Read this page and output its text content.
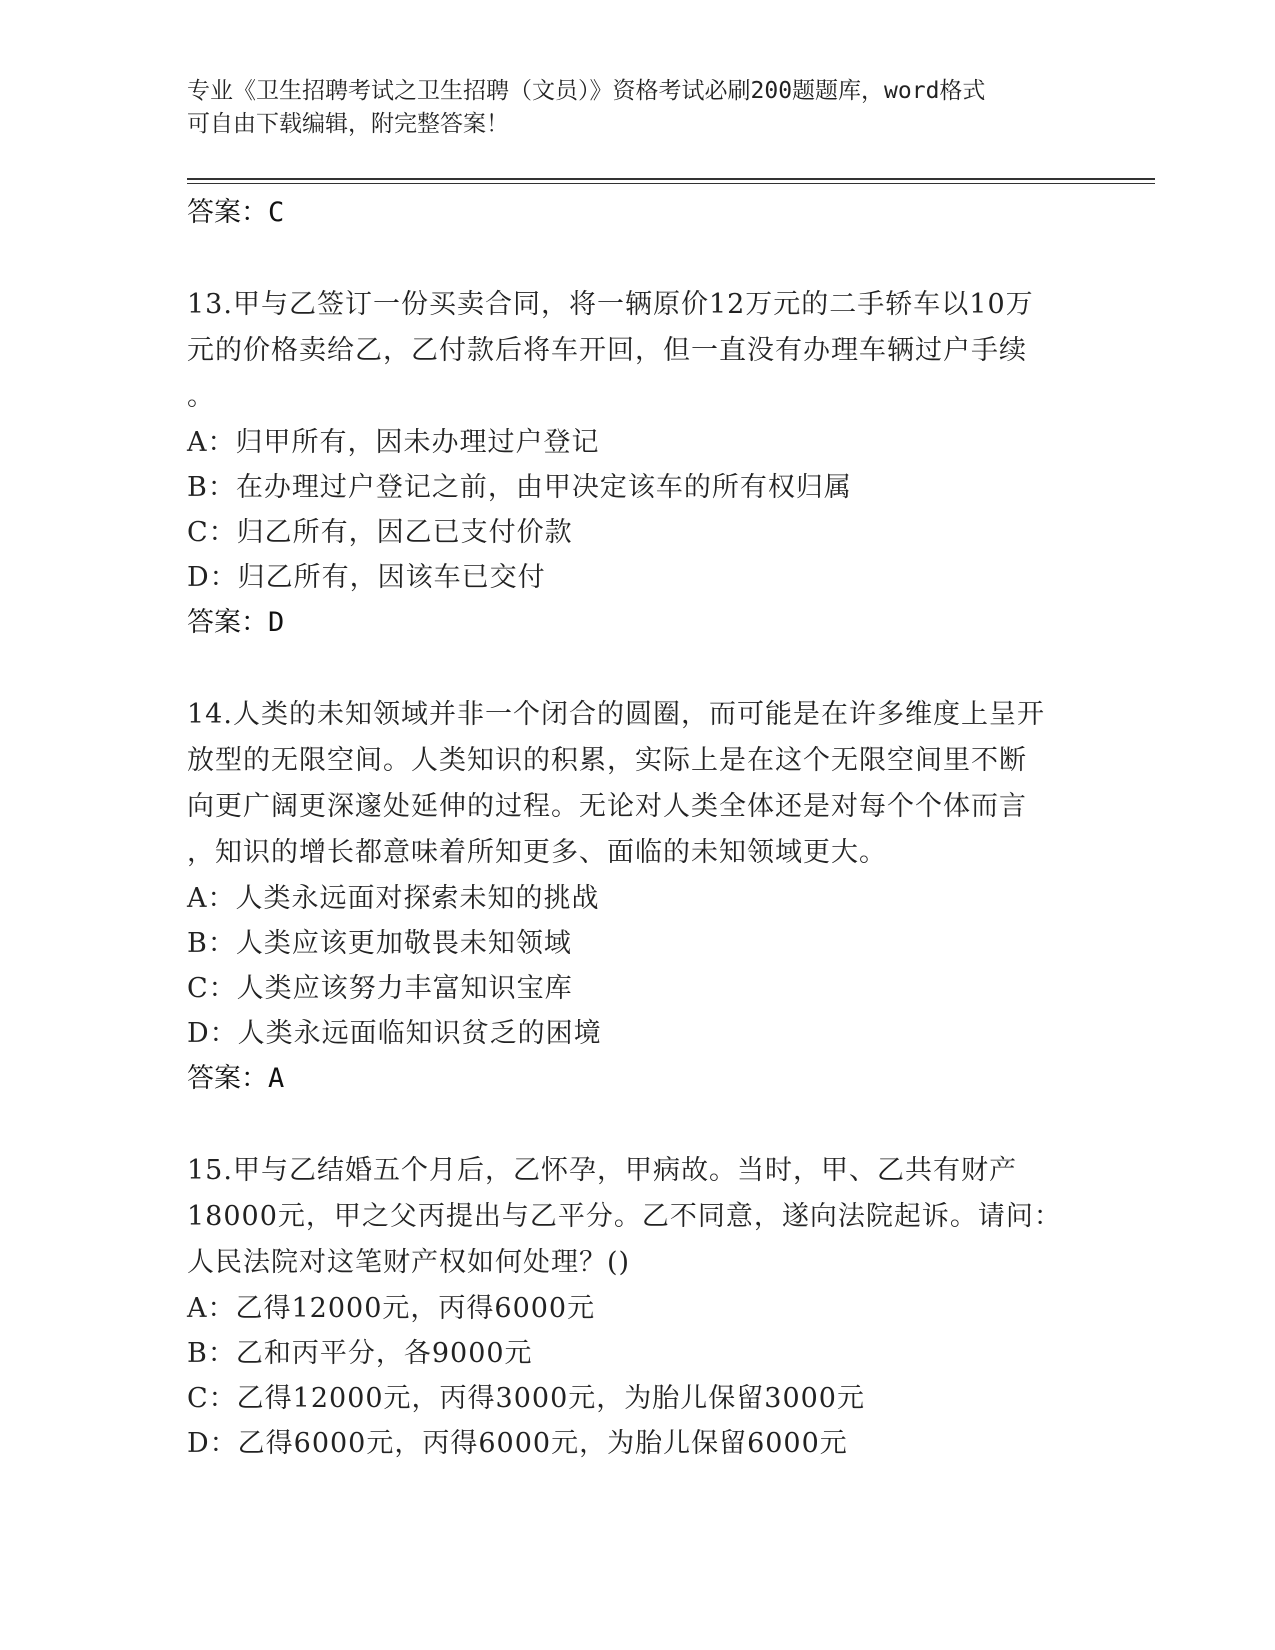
专业《卫生招聘考试之卫生招聘（文员）》资格考试必刷200题题库，word格式
可自由下载编辑，附完整答案！
答案：C
13.甲与乙签订一份买卖合同，将一辆原价12万元的二手轿车以10万
元的价格卖给乙，乙付款后将车开回，但一直没有办理车辆过户手续
。
A：归甲所有，因未办理过户登记
B：在办理过户登记之前，由甲决定该车的所有权归属
C：归乙所有，因乙已支付价款
D：归乙所有，因该车已交付
答案：D
14.人类的未知领域并非一个闭合的圆圈，而可能是在许多维度上呈开
放型的无限空间。人类知识的积累，实际上是在这个无限空间里不断
向更广阔更深邃处延伸的过程。无论对人类全体还是对每个个体而言
，知识的增长都意味着所知更多、面临的未知领域更大。
A：人类永远面对探索未知的挑战
B：人类应该更加敬畏未知领域
C：人类应该努力丰富知识宝库
D：人类永远面临知识贫乏的困境
答案：A
15.甲与乙结婚五个月后，乙怀孕，甲病故。当时，甲、乙共有财产
18000元，甲之父丙提出与乙平分。乙不同意，遂向法院起诉。请问：
人民法院对这笔财产权如何处理？()
A：乙得12000元，丙得6000元
B：乙和丙平分，各9000元
C：乙得12000元，丙得3000元，为胎儿保留3000元
D：乙得6000元，丙得6000元，为胎儿保留6000元
